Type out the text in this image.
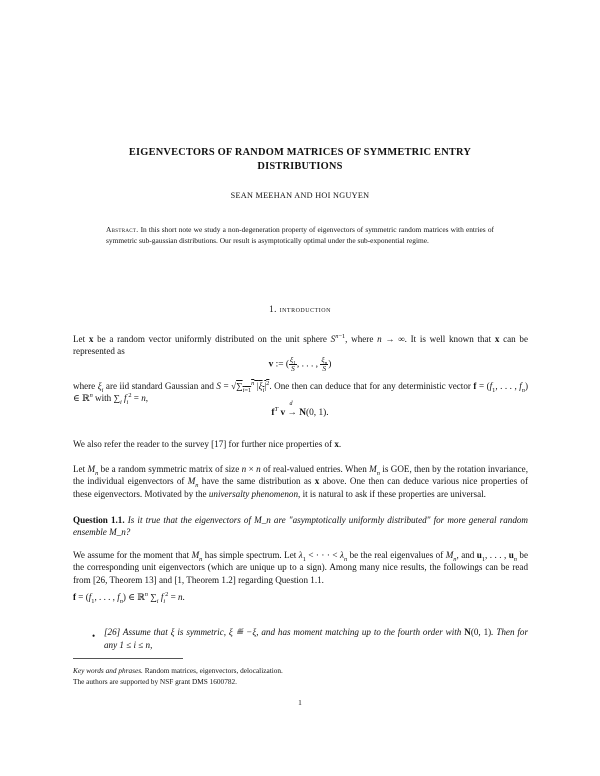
EIGENVECTORS OF RANDOM MATRICES OF SYMMETRIC ENTRY
DISTRIBUTIONS
SEAN MEEHAN AND HOI NGUYEN
Abstract. In this short note we study a non-degeneration property of eigenvectors of symmetric random matrices with entries of symmetric sub-gaussian distributions. Our result is asymptotically optimal under the sub-exponential regime.
1. introduction

Let x be a random vector uniformly distributed on the unit sphere $S^{n-1}$, where n → ∞. It is well known that x can be represented as

v := ( $\frac{\xi_1}{S}$ , . . . , $\frac{\xi_n}{S}$ )

where $\xi_i$ are iid standard Gaussian and $S = √\sum_{i=1}^n$ $|\xi_i|^2$. One then can deduce that for any deterministic vector $f = (f_1$, . . . , $f_n$) ∈ ℝ$^n$ with $\sum_i$ $f_i^2 = n$,

$f^T$ v →
d
N(0, 1).

We also refer the reader to the survey [17] for further nice properties of x.

Let $M_n$ be a random symmetric matrix of size n × n of real-valued entries. When $M_n$ is GOE, then by the rotation invariance, the individual eigenvectors of $M_n$ have the same distribution as x above. One then can deduce various nice properties of these eigenvectors. Motivated by the universalty phenomenon, it is natural to ask if these properties are universal.

Question 1.1. Is it true that the eigenvectors of M_n are "asymptotically uniformly distributed" for more general random ensemble M_n?

We assume for the moment that $M_n$ has simple spectrum. Let $\lambda_1$ < · · · < $\lambda_n$ be the real eigenvalues of $M_n$, and $u_1$, . . . , $u_n$ be the corresponding unit eigenvectors (which are unique up to a sign). Among many nice results, the followings can be read from [26, Theorem 13] and [1, Theorem 1.2] regarding Question 1.1.

Key words and phrases. Random matrices, eigenvectors, delocalization.
The authors are supported by NSF grant DMS 1600782.
1

$f = (f_1$, . . . , $f_n$) ∈ ℝ$^n$ $\sum_i$ $f_i^2 = n$.

• [26] Assume that ξ is symmetric, ξ ≝ −ξ, and has moment matching up to the fourth order with N(0, 1). Then for any 1 ≤ i ≤ n,
